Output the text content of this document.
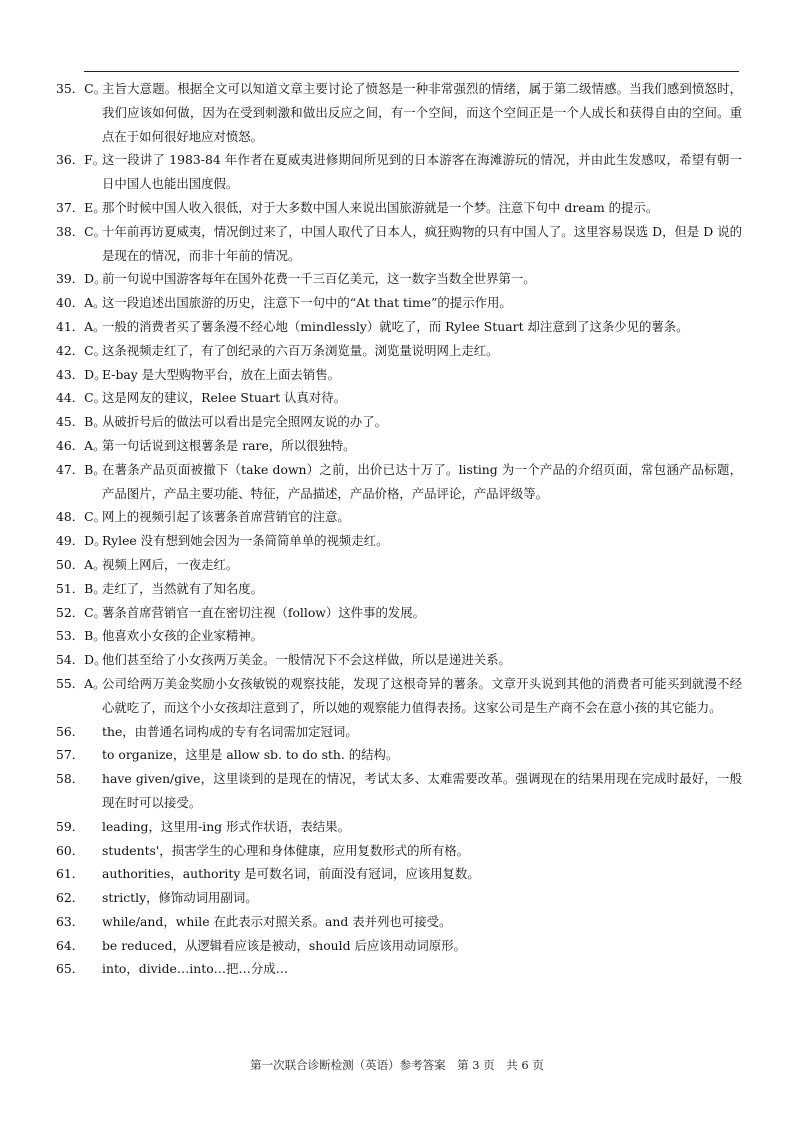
35．C。
主旨大意题。根据全文可以知道文章主要讨论了愤怒是一种非常强烈的情绪，属于第二级情感。当我们感到愤怒时，我们应该如何做，因为在受到刺激和做出反应之间，有一个空间，而这个空间正是一个人成长和获得自由的空间。重点在于如何很好地应对愤怒。
36．F。
这一段讲了 1983-84 年作者在夏威夷进修期间所见到的日本游客在海滩游玩的情况，并由此生发感叹，希望有朝一日中国人也能出国度假。
37．E。
那个时候中国人收入很低，对于大多数中国人来说出国旅游就是一个梦。注意下句中 dream 的提示。
38．C。
十年前再访夏威夷，情况倒过来了，中国人取代了日本人，疯狂购物的只有中国人了。这里容易误选 D，但是 D 说的是现在的情况，而非十年前的情况。
39．D。
前一句说中国游客每年在国外花费一千三百亿美元，这一数字当数全世界第一。
40．A。
这一段追述出国旅游的历史，注意下一句中的“At that time”的提示作用。
41．A。
一般的消费者买了薯条漫不经心地（mindlessly）就吃了，而 Rylee Stuart 却注意到了这条少见的薯条。
42．C。
这条视频走红了，有了创纪录的六百万条浏览量。浏览量说明网上走红。
43．D。
E-bay 是大型购物平台，放在上面去销售。
44．C。
这是网友的建议，Relee Stuart 认真对待。
45．B。
从破折号后的做法可以看出是完全照网友说的办了。
46．A。
第一句话说到这根薯条是 rare，所以很独特。
47．B。
在薯条产品页面被撤下（take down）之前，出价已达十万了。listing 为一个产品的介绍页面，常包涵产品标题，产品图片，产品主要功能、特征，产品描述，产品价格，产品评论，产品评级等。
48．C。
网上的视频引起了该薯条首席营销官的注意。
49．D。
Rylee 没有想到她会因为一条简简单单的视频走红。
50．A。
视频上网后，一夜走红。
51．B。
走红了，当然就有了知名度。
52．C。
薯条首席营销官一直在密切注视（follow）这件事的发展。
53．B。
他喜欢小女孩的企业家精神。
54．D。
他们甚至给了小女孩两万美金。一般情况下不会这样做，所以是递进关系。
55．A。
公司给两万美金奖励小女孩敏锐的观察技能，发现了这根奇异的薯条。文章开头说到其他的消费者可能买到就漫不经心就吃了，而这个小女孩却注意到了，所以她的观察能力值得表扬。这家公司是生产商不会在意小孩的其它能力。
56．	the，由普通名词构成的专有名词需加定冠词。
57．	to organize，这里是 allow sb. to do sth. 的结构。
58．	have given/give，这里谈到的是现在的情况，考试太多、太难需要改革。强调现在的结果用现在完成时最好，一般现在时可以接受。
59．	leading，这里用-ing 形式作状语，表结果。
60．	students'，损害学生的心理和身体健康，应用复数形式的所有格。
61．	authorities，authority 是可数名词，前面没有冠词，应该用复数。
62．	strictly，修饰动词用副词。
63．	while/and，while 在此表示对照关系。and 表并列也可接受。
64．	be reduced，从逻辑看应该是被动，should 后应该用动词原形。
65．	into，divide…into…把…分成…
第一次联合诊断检测（英语）参考答案　第 3 页　共 6 页
